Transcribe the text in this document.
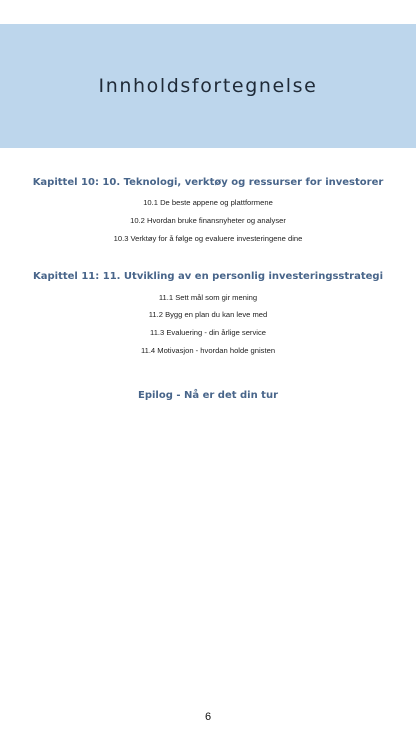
Innholdsfortegnelse
Kapittel 10: 10. Teknologi, verktøy og ressurser for investorer
10.1 De beste appene og plattformene
10.2 Hvordan bruke finansnyheter og analyser
10.3 Verktøy for å følge og evaluere investeringene dine
Kapittel 11: 11. Utvikling av en personlig investeringsstrategi
11.1 Sett mål som gir mening
11.2 Bygg en plan du kan leve med
11.3 Evaluering - din årlige service
11.4 Motivasjon - hvordan holde gnisten
Epilog - Nå er det din tur
6
